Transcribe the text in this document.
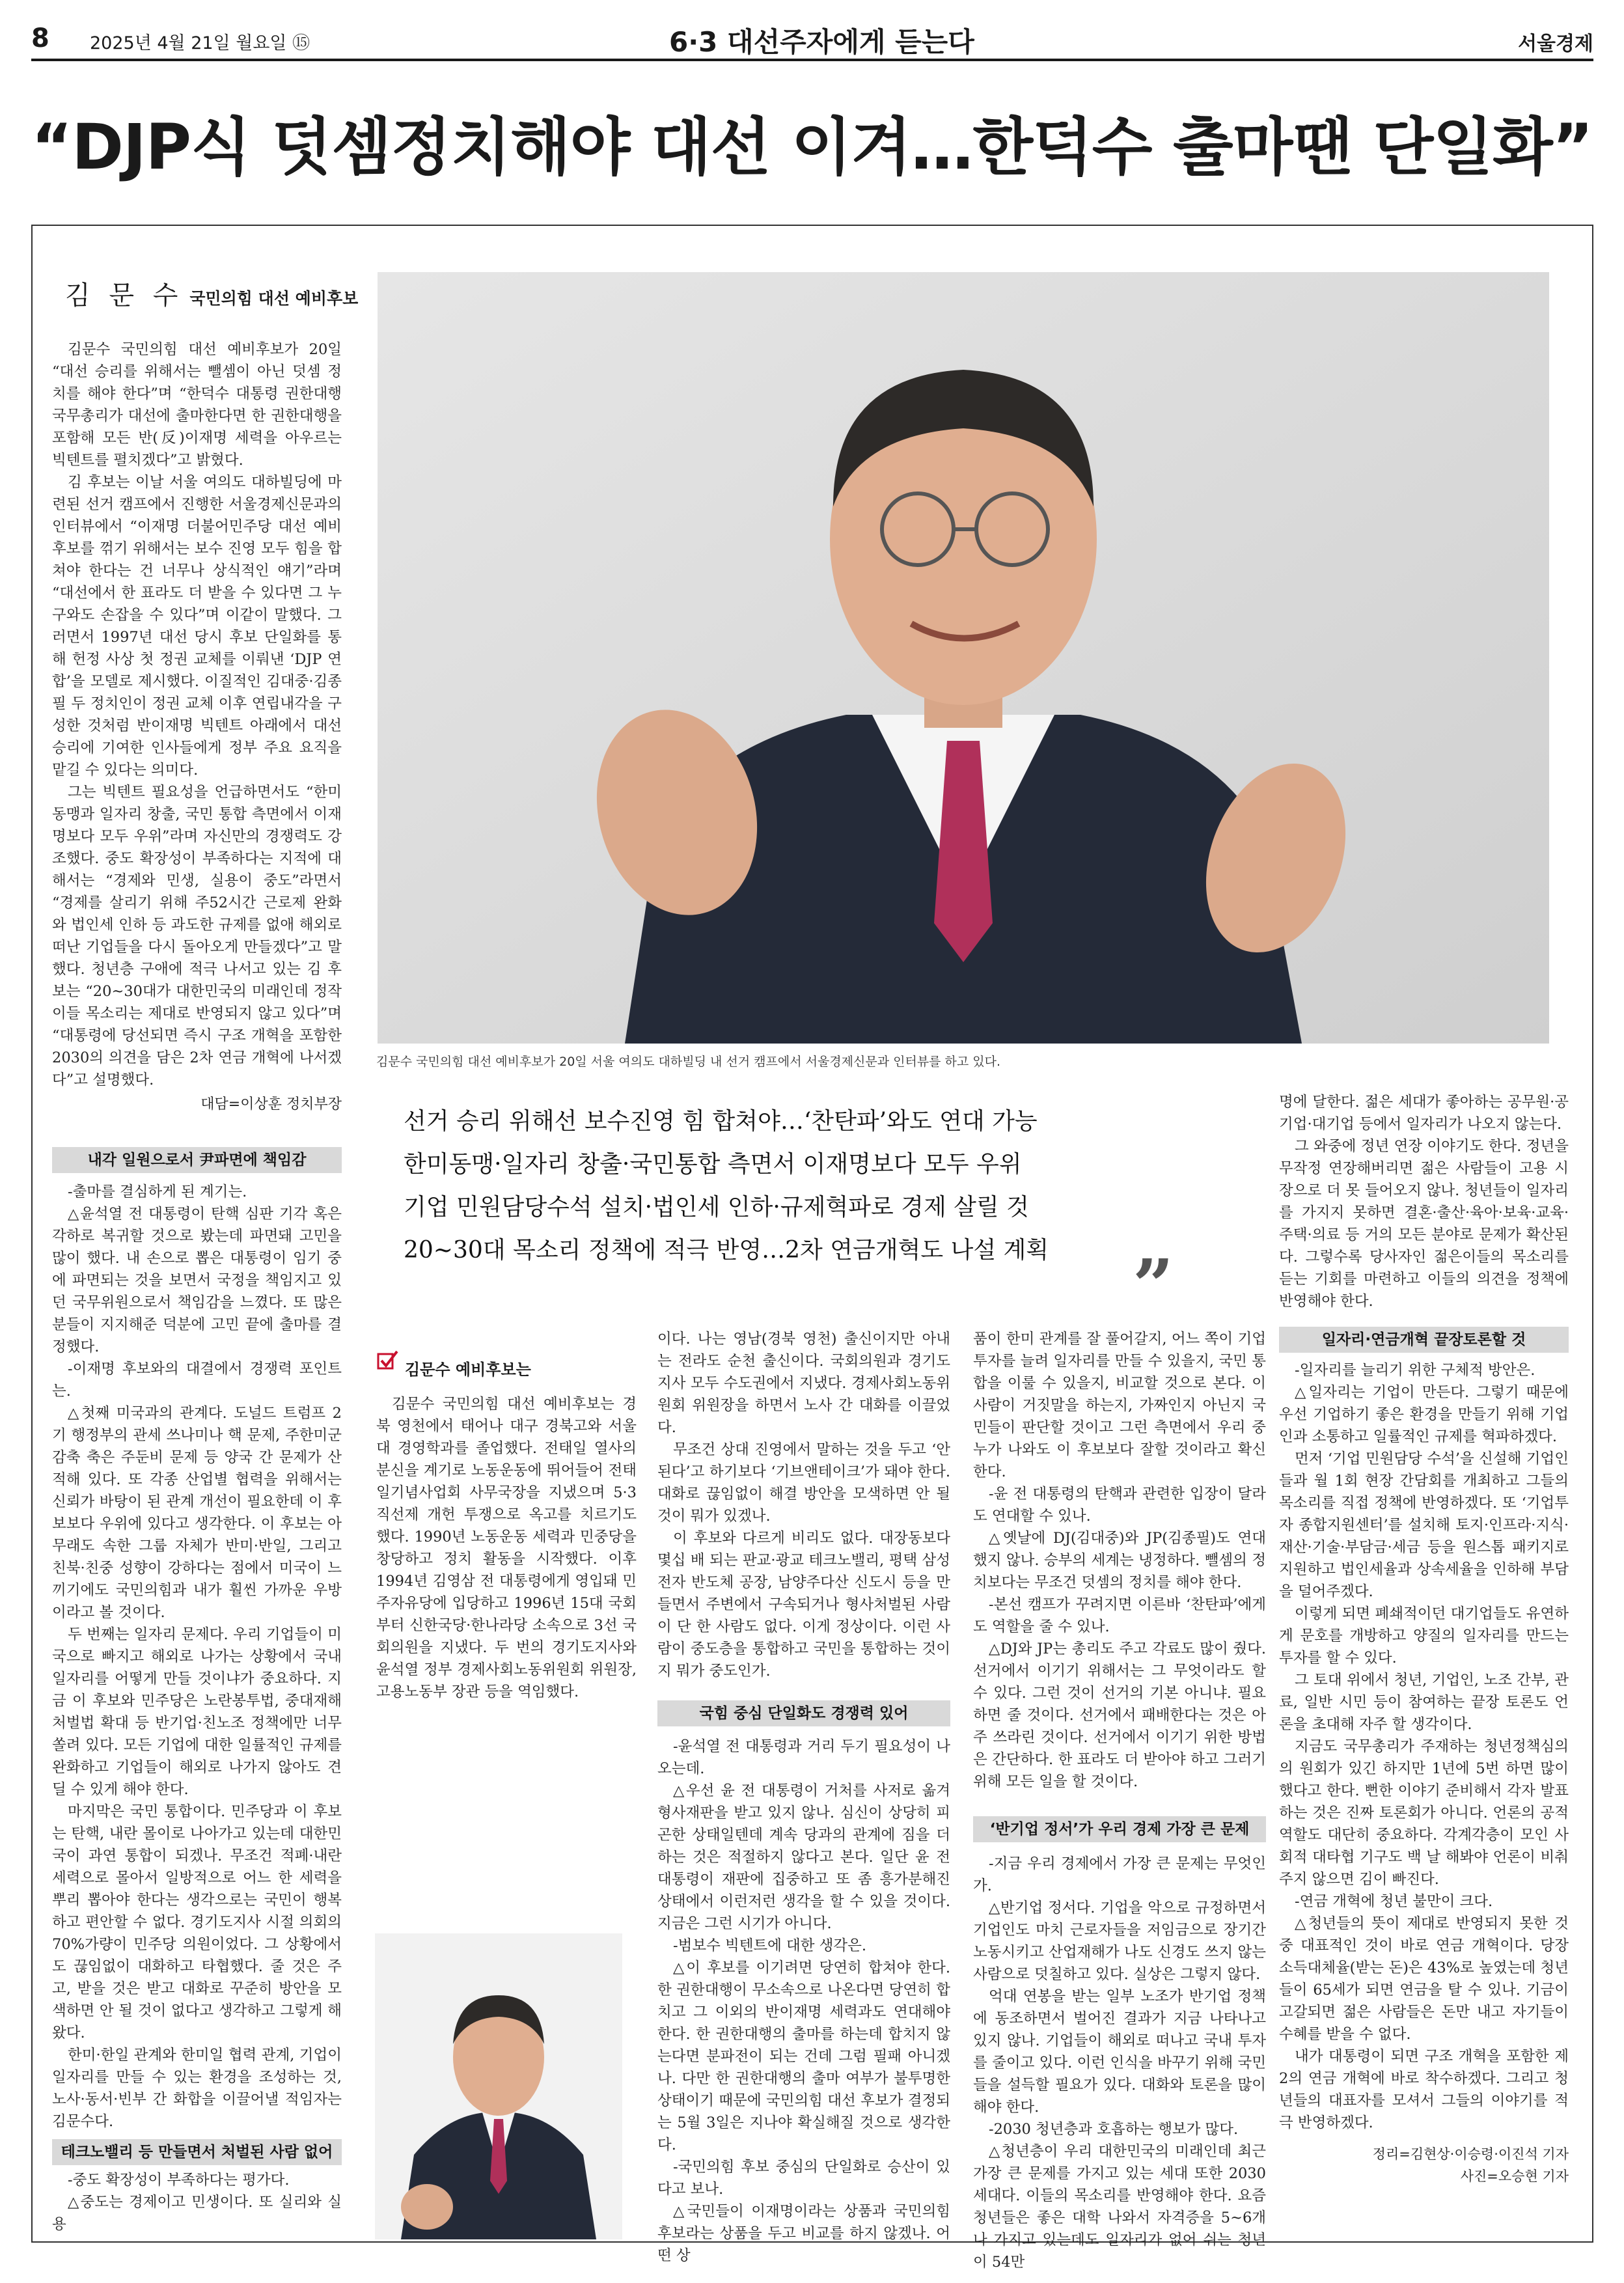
8 2025년 4월 21일 월요일 ⑮	6·3 대선주자에게 듣는다	서울경제
“DJP식 덧셈정치해야 대선 이겨…한덕수 출마땐 단일화”
김 문 수 국민의힘 대선 예비후보

김문수 국민의힘 대선 예비후보가 20일 “대선 승리를 위해서는 뺄셈이 아닌 덧셈 정치를 해야 한다”며 “한덕수 대통령 권한대행 국무총리가 대선에 출마한다면 한 권한대행을 포함해 모든 반(反)이재명 세력을 아우르는 빅텐트를 펼치겠다”고 밝혔다.

김 후보는 이날 서울 여의도 대하빌딩에 마련된 선거 캠프에서 진행한 서울경제신문과의 인터뷰에서 “이재명 더불어민주당 대선 예비후보를 꺾기 위해서는 보수 진영 모두 힘을 합쳐야 한다는 건 너무나 상식적인 얘기”라며 “대선에서 한 표라도 더 받을 수 있다면 그 누구와도 손잡을 수 있다”며 이같이 말했다. 그러면서 1997년 대선 당시 후보 단일화를 통해 헌정 사상 첫 정권 교체를 이뤄낸 ‘DJP 연합’을 모델로 제시했다. 이질적인 김대중·김종필 두 정치인이 정권 교체 이후 연립내각을 구성한 것처럼 반이재명 빅텐트 아래에서 대선 승리에 기여한 인사들에게 정부 주요 요직을 맡길 수 있다는 의미다.

그는 빅텐트 필요성을 언급하면서도 “한미 동맹과 일자리 창출, 국민 통합 측면에서 이재명보다 모두 우위”라며 자신만의 경쟁력도 강조했다. 중도 확장성이 부족하다는 지적에 대해서는 “경제와 민생, 실용이 중도”라면서 “경제를 살리기 위해 주52시간 근로제 완화와 법인세 인하 등 과도한 규제를 없애 해외로 떠난 기업들을 다시 돌아오게 만들겠다”고 말했다. 청년층 구애에 적극 나서고 있는 김 후보는 “20~30대가 대한민국의 미래인데 정작 이들 목소리는 제대로 반영되지 않고 있다”며 “대통령에 당선되면 즉시 구조 개혁을 포함한 2030의 의견을 담은 2차 연금 개혁에 나서겠다”고 설명했다.

대담=이상훈 정치부장
내각 일원으로서 尹파면에 책임감

-출마를 결심하게 된 계기는.

△윤석열 전 대통령이 탄핵 심판 기각 혹은 각하로 복귀할 것으로 봤는데 파면돼 고민을 많이 했다. 내 손으로 뽑은 대통령이 임기 중에 파면되는 것을 보면서 국정을 책임지고 있던 국무위원으로서 책임감을 느꼈다. 또 많은 분들이 지지해준 덕분에 고민 끝에 출마를 결정했다.

-이재명 후보와의 대결에서 경쟁력 포인트는.

△첫째 미국과의 관계다. 도널드 트럼프 2기 행정부의 관세 쓰나미나 핵 문제, 주한미군 감축 축은 주둔비 문제 등 양국 간 문제가 산적해 있다. 또 각종 산업별 협력을 위해서는 신뢰가 바탕이 된 관계 개선이 필요한데 이 후보보다 우위에 있다고 생각한다. 이 후보는 아무래도 속한 그룹 자체가 반미·반일, 그리고 친북·친중 성향이 강하다는 점에서 미국이 느끼기에도 국민의힘과 내가 훨씬 가까운 우방이라고 볼 것이다.

두 번째는 일자리 문제다. 우리 기업들이 미국으로 빠지고 해외로 나가는 상황에서 국내 일자리를 어떻게 만들 것이냐가 중요하다. 지금 이 후보와 민주당은 노란봉투법, 중대재해처벌법 확대 등 반기업·친노조 정책에만 너무 쏠려 있다. 모든 기업에 대한 일률적인 규제를 완화하고 기업들이 해외로 나가지 않아도 견딜 수 있게 해야 한다.

마지막은 국민 통합이다. 민주당과 이 후보는 탄핵, 내란 몰이로 나아가고 있는데 대한민국이 과연 통합이 되겠나. 무조건 적폐·내란 세력으로 몰아서 일방적으로 어느 한 세력을 뿌리 뽑아야 한다는 생각으로는 국민이 행복하고 편안할 수 없다. 경기도지사 시절 의회의 70%가량이 민주당 의원이었다. 그 상황에서도 끊임없이 대화하고 타협했다. 줄 것은 주고, 받을 것은 받고 대화로 꾸준히 방안을 모색하면 안 될 것이 없다고 생각하고 그렇게 해왔다.

한미·한일 관계와 한미일 협력 관계, 기업이 일자리를 만들 수 있는 환경을 조성하는 것, 노사·동서·빈부 간 화합을 이끌어낼 적임자는 김문수다.

테크노밸리 등 만들면서 처벌된 사람 없어

-중도 확장성이 부족하다는 평가다.

△중도는 경제이고 민생이다. 또 실리와 실용

김문수 국민의힘 대선 예비후보가 20일 서울 여의도 대하빌딩 내 선거 캠프에서 서울경제신문과 인터뷰를 하고 있다.
선거 승리 위해선 보수진영 힘 합쳐야…‘찬탄파’와도 연대 가능
한미동맹·일자리 창출·국민통합 측면서 이재명보다 모두 우위
기업 민원담당수석 설치·법인세 인하·규제혁파로 경제 살릴 것
20~30대 목소리 정책에 적극 반영…2차 연금개혁도 나설 계획	”
김문수 예비후보는

김문수 국민의힘 대선 예비후보는 경북 영천에서 태어나 대구 경북고와 서울대 경영학과를 졸업했다. 전태일 열사의 분신을 계기로 노동운동에 뛰어들어 전태일기념사업회 사무국장을 지냈으며 5·3 직선제 개헌 투쟁으로 옥고를 치르기도 했다. 1990년 노동운동 세력과 민중당을 창당하고 정치 활동을 시작했다. 이후 1994년 김영삼 전 대통령에게 영입돼 민주자유당에 입당하고 1996년 15대 국회부터 신한국당·한나라당 소속으로 3선 국회의원을 지냈다. 두 번의 경기도지사와 윤석열 정부 경제사회노동위원회 위원장, 고용노동부 장관 등을 역임했다.

이다. 나는 영남(경북 영천) 출신이지만 아내는 전라도 순천 출신이다. 국회의원과 경기도지사 모두 수도권에서 지냈다. 경제사회노동위원회 위원장을 하면서 노사 간 대화를 이끌었다.

무조건 상대 진영에서 말하는 것을 두고 ‘안 된다’고 하기보다 ‘기브앤테이크’가 돼야 한다. 대화로 끊임없이 해결 방안을 모색하면 안 될 것이 뭐가 있겠나.

이 후보와 다르게 비리도 없다. 대장동보다 몇십 배 되는 판교·광교 테크노밸리, 평택 삼성전자 반도체 공장, 남양주다산 신도시 등을 만들면서 주변에서 구속되거나 형사처벌된 사람이 단 한 사람도 없다. 이게 정상이다. 이런 사람이 중도층을 통합하고 국민을 통합하는 것이지 뭐가 중도인가.

국힘 중심 단일화도 경쟁력 있어

-윤석열 전 대통령과 거리 두기 필요성이 나오는데.

△우선 윤 전 대통령이 거처를 사저로 옮겨 형사재판을 받고 있지 않나. 심신이 상당히 피곤한 상태일텐데 계속 당과의 관계에 짐을 더하는 것은 적절하지 않다고 본다. 일단 윤 전 대통령이 재판에 집중하고 또 좀 흥가분해진 상태에서 이런저런 생각을 할 수 있을 것이다. 지금은 그런 시기가 아니다.

-범보수 빅텐트에 대한 생각은.

△이 후보를 이기려면 당연히 합쳐야 한다. 한 권한대행이 무소속으로 나온다면 당연히 합치고 그 이외의 반이재명 세력과도 연대해야 한다. 한 권한대행의 출마를 하는데 합치지 않는다면 분파전이 되는 건데 그럼 필패 아니겠나. 다만 한 권한대행의 출마 여부가 불투명한 상태이기 때문에 국민의힘 대선 후보가 결정되는 5월 3일은 지나야 확실해질 것으로 생각한다.

-국민의힘 후보 중심의 단일화로 승산이 있다고 보나.

△국민들이 이재명이라는 상품과 국민의힘 후보라는 상품을 두고 비교를 하지 않겠나. 어떤 상

품이 한미 관계를 잘 풀어갈지, 어느 쪽이 기업 투자를 늘려 일자리를 만들 수 있을지, 국민 통합을 이룰 수 있을지, 비교할 것으로 본다. 이 사람이 거짓말을 하는지, 가짜인지 아닌지 국민들이 판단할 것이고 그런 측면에서 우리 중 누가 나와도 이 후보보다 잘할 것이라고 확신한다.

-윤 전 대통령의 탄핵과 관련한 입장이 달라도 연대할 수 있나.

△옛날에 DJ(김대중)와 JP(김종필)도 연대했지 않나. 승부의 세계는 냉정하다. 뺄셈의 정치보다는 무조건 덧셈의 정치를 해야 한다.

-본선 캠프가 꾸려지면 이른바 ‘찬탄파’에게도 역할을 줄 수 있나.

△DJ와 JP는 총리도 주고 각료도 많이 줬다. 선거에서 이기기 위해서는 그 무엇이라도 할 수 있다. 그런 것이 선거의 기본 아니냐. 필요하면 줄 것이다. 선거에서 패배한다는 것은 아주 쓰라린 것이다. 선거에서 이기기 위한 방법은 간단하다. 한 표라도 더 받아야 하고 그러기 위해 모든 일을 할 것이다.

‘반기업 정서’가 우리 경제 가장 큰 문제

-지금 우리 경제에서 가장 큰 문제는 무엇인가.

△반기업 정서다. 기업을 악으로 규정하면서 기업인도 마치 근로자들을 저임금으로 장기간 노동시키고 산업재해가 나도 신경도 쓰지 않는 사람으로 덧칠하고 있다. 실상은 그렇지 않다.

억대 연봉을 받는 일부 노조가 반기업 정책에 동조하면서 벌어진 결과가 지금 나타나고 있지 않나. 기업들이 해외로 떠나고 국내 투자를 줄이고 있다. 이런 인식을 바꾸기 위해 국민들을 설득할 필요가 있다. 대화와 토론을 많이 해야 한다.

-2030 청년층과 호흡하는 행보가 많다.

△청년층이 우리 대한민국의 미래인데 최근 가장 큰 문제를 가지고 있는 세대 또한 2030 세대다. 이들의 목소리를 반영해야 한다. 요즘 청년들은 좋은 대학 나와서 자격증을 5~6개나 가지고 있는데도 일자리가 없어 쉬는 청년이 54만

명에 달한다. 젊은 세대가 좋아하는 공무원·공기업·대기업 등에서 일자리가 나오지 않는다.

그 와중에 정년 연장 이야기도 한다. 정년을 무작정 연장해버리면 젊은 사람들이 고용 시장으로 더 못 들어오지 않나. 청년들이 일자리를 가지지 못하면 결혼·출산·육아·보육·교육·주택·의료 등 거의 모든 분야로 문제가 확산된다. 그렇수록 당사자인 젊은이들의 목소리를 듣는 기회를 마련하고 이들의 의견을 정책에 반영해야 한다.

일자리·연금개혁 끝장토론할 것

-일자리를 늘리기 위한 구체적 방안은.

△일자리는 기업이 만든다. 그렇기 때문에 우선 기업하기 좋은 환경을 만들기 위해 기업인과 소통하고 일률적인 규제를 혁파하겠다.

먼저 ‘기업 민원담당 수석’을 신설해 기업인들과 월 1회 현장 간담회를 개최하고 그들의 목소리를 직접 정책에 반영하겠다. 또 ‘기업투자 종합지원센터’를 설치해 토지·인프라·지식·재산·기술·부담금·세금 등을 원스톱 패키지로 지원하고 법인세율과 상속세율을 인하해 부담을 덜어주겠다.

이렇게 되면 폐쇄적이던 대기업들도 유연하게 문호를 개방하고 양질의 일자리를 만드는 투자를 할 수 있다.

그 토대 위에서 청년, 기업인, 노조 간부, 관료, 일반 시민 등이 참여하는 끝장 토론도 언론을 초대해 자주 할 생각이다.

지금도 국무총리가 주재하는 청년정책심의의 원회가 있긴 하지만 1년에 5번 하면 많이 했다고 한다. 뻔한 이야기 준비해서 각자 발표하는 것은 진짜 토론회가 아니다. 언론의 공적 역할도 대단히 중요하다. 각계각층이 모인 사회적 대타협 기구도 백 날 해봐야 언론이 비춰주지 않으면 김이 빠진다.

-연금 개혁에 청년 불만이 크다.

△청년들의 뜻이 제대로 반영되지 못한 것 중 대표적인 것이 바로 연금 개혁이다. 당장 소득대체율(받는 돈)은 43%로 높였는데 청년들이 65세가 되면 연금을 탈 수 있나. 기금이 고갈되면 젊은 사람들은 돈만 내고 자기들이 수혜를 받을 수 없다.

내가 대통령이 되면 구조 개혁을 포함한 제2의 연금 개혁에 바로 착수하겠다. 그리고 청년들의 대표자를 모셔서 그들의 이야기를 적극 반영하겠다.

정리=김현상·이승령·이진석 기자
사진=오승현 기자
